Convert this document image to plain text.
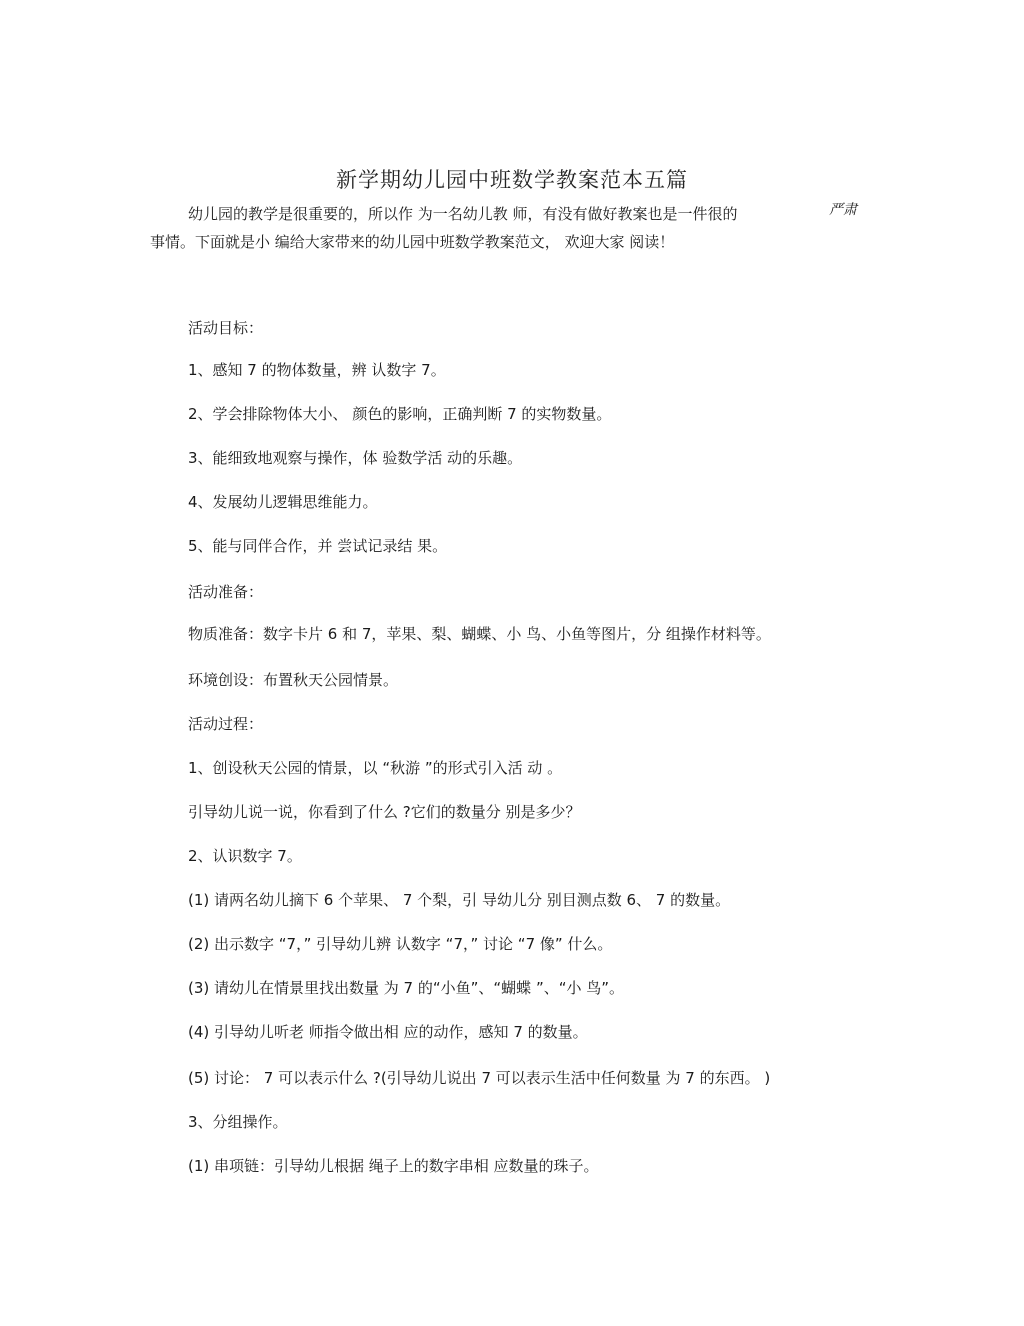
新学期幼儿园中班数学教案范本五篇
幼儿园的教学是很重要的，所以作 为一名幼儿教 师，有没有做好教案也是一件很的	严肃
事情。下面就是小 编给大家带来的幼儿园中班数学教案范文， 欢迎大家 阅读！
活动目标：
1、感知 7 的物体数量，辨 认数字 7。
2、学会排除物体大小、 颜色的影响，正确判断 7 的实物数量。
3、能细致地观察与操作，体 验数学活 动的乐趣。
4、发展幼儿逻辑思维能力。
5、能与同伴合作，并 尝试记录结 果。
活动准备：
物质准备：数字卡片 6 和 7，苹果、梨、蝴蝶、小 鸟、小鱼等图片，分 组操作材料等。
环境创设：布置秋天公园情景。
活动过程：
1、创设秋天公园的情景，以 “秋游 ”的形式引入活 动 。
引导幼儿说一说，你看到了什么 ?它们的数量分 别是多少？
2、认识数字 7。
(1) 请两名幼儿摘下 6 个苹果、 7 个梨，引 导幼儿分 别目测点数 6、 7 的数量。
(2) 出示数字 “7，” 引导幼儿辨 认数字 “7，” 讨论 “7 像” 什么。
(3) 请幼儿在情景里找出数量 为 7 的“小鱼”、“蝴蝶 ”、“小 鸟”。
(4) 引导幼儿听老 师指令做出相 应的动作，感知 7 的数量。
(5) 讨论： 7 可以表示什么 ?(引导幼儿说出 7 可以表示生活中任何数量 为 7 的东西。 )
3、分组操作。
(1) 串项链：引导幼儿根据 绳子上的数字串相 应数量的珠子。
